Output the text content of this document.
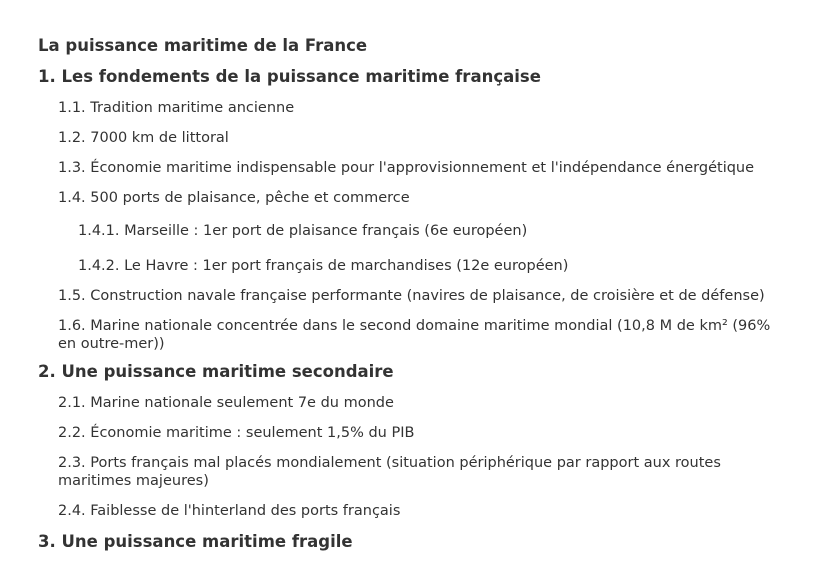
La puissance maritime de la France
1. Les fondements de la puissance maritime française
1.1. Tradition maritime ancienne
1.2. 7000 km de littoral
1.3. Économie maritime indispensable pour l'approvisionnement et l'indépendance énergétique
1.4. 500 ports de plaisance, pêche et commerce
1.4.1. Marseille : 1er port de plaisance français (6e européen)
1.4.2. Le Havre : 1er port français de marchandises (12e européen)
1.5. Construction navale française performante (navires de plaisance, de croisière et de défense)
1.6. Marine nationale concentrée dans le second domaine maritime mondial (10,8 M de km² (96% en outre-mer))
2. Une puissance maritime secondaire
2.1. Marine nationale seulement 7e du monde
2.2. Économie maritime : seulement 1,5% du PIB
2.3. Ports français mal placés mondialement (situation périphérique par rapport aux routes maritimes majeures)
2.4. Faiblesse de l'hinterland des ports français
3. Une puissance maritime fragile
